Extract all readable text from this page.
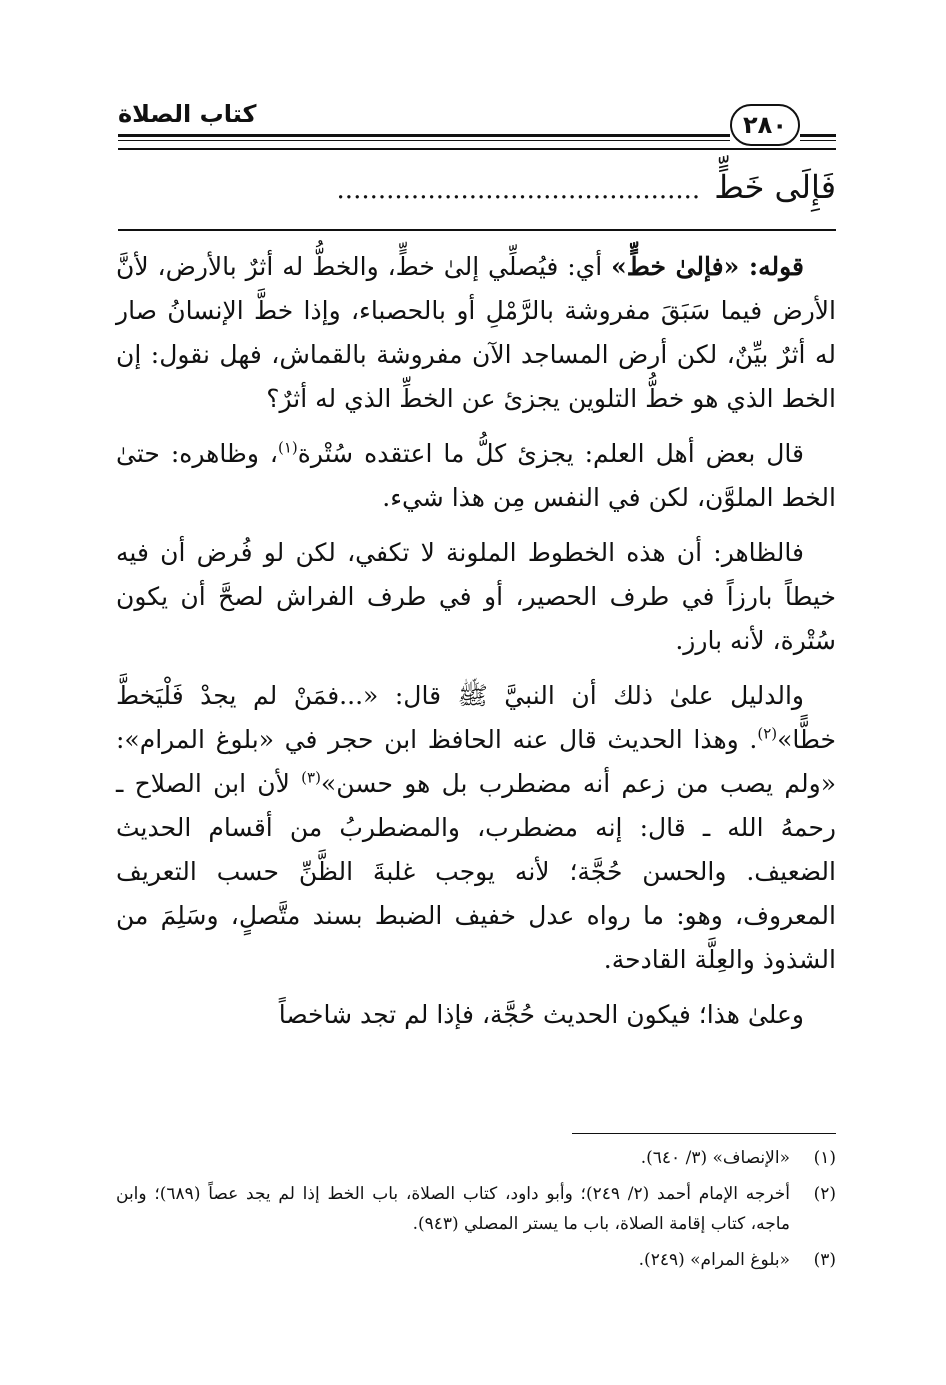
كتاب الصلاة	٢٨٠
فَإِلَى خَطٍّ............................................

قوله: «فإلىٰ خطٍّ» أي: فيُصلِّي إلىٰ خطٍّ، والخطُّ له أثرٌ بالأرض، لأنَّ الأرض فيما سَبَقَ مفروشة بالرَّمْلِ أو بالحصباء، وإذا خطَّ الإنسانُ صار له أثرٌ بيِّنٌ، لكن أرض المساجد الآن مفروشة بالقماش، فهل نقول: إن الخط الذي هو خطُّ التلوين يجزئ عن الخطِّ الذي له أثرٌ؟

قال بعض أهل العلم: يجزئ كلُّ ما اعتقده سُتْرة$^{(١)}$، وظاهره: حتىٰ الخط الملوَّن، لكن في النفس مِن هذا شيء.

فالظاهر: أن هذه الخطوط الملونة لا تكفي، لكن لو فُرض أن فيه خيطاً بارزاً في طرف الحصير، أو في طرف الفراش لصحَّ أن يكون سُتْرة، لأنه بارز.

والدليل علىٰ ذلك أن النبيَّ ﷺ قال: «...فمَنْ لم يجدْ فَلْيَخطَّ خطًّا»$^{(٢)}$. وهذا الحديث قال عنه الحافظ ابن حجر في «بلوغ المرام»: «ولم يصب من زعم أنه مضطرب بل هو حسن»$^{(٣)}$ لأن ابن الصلاح ـ رحمهُ الله ـ قال: إنه مضطرب، والمضطربُ من أقسام الحديث الضعيف. والحسن حُجَّة؛ لأنه يوجب غلبةَ الظَّنِّ حسب التعريف المعروف، وهو: ما رواه عدل خفيف الضبط بسند متَّصلٍ، وسَلِمَ من الشذوذ والعِلَّة القادحة.

وعلىٰ هذا؛ فيكون الحديث حُجَّة، فإذا لم تجد شاخصاً

(١)
«الإنصاف» (٣/ ٦٤٠).
(٢)
أخرجه الإمام أحمد (٢/ ٢٤٩)؛ وأبو داود، كتاب الصلاة، باب الخط إذا لم يجد عصاً (٦٨٩)؛ وابن ماجه، كتاب إقامة الصلاة، باب ما يستر المصلي (٩٤٣).
(٣)
«بلوغ المرام» (٢٤٩).
